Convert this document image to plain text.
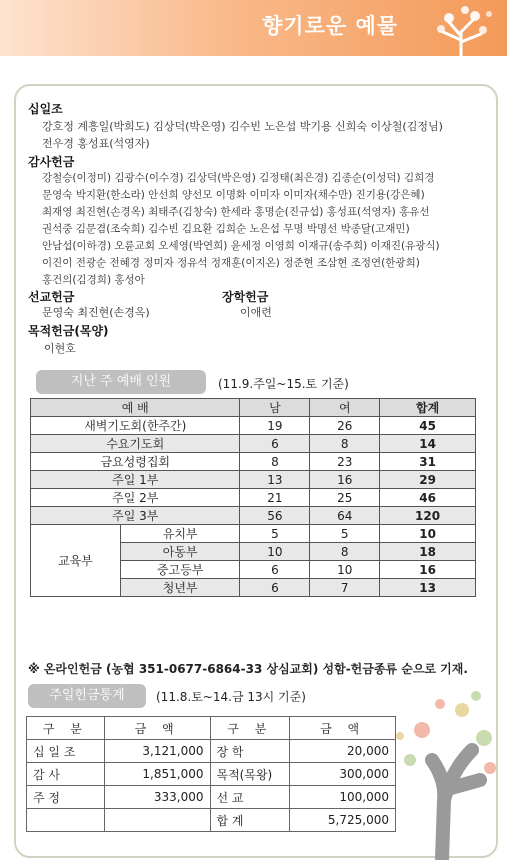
향기로운 예물
십일조
강호정 계흥일(박희도) 김상덕(박은영) 김수빈 노은섭 박기용 신희숙 이상철(김정님)
전우경 홍성표(석영자)
감사헌금
강철승(이정미) 김광수(이수경) 김상덕(박은영) 김정태(최은경) 김종순(이성덕) 김희경
문영숙 박지환(한소라) 안선희 양선모 이명화 이미자 이미자(채수만) 진기용(강은혜)
최재영 최진현(손경옥) 최태주(김창숙) 한세라 홍명순(진규섭) 홍성표(석영자) 홍유선
권석중 김문겸(조숙희) 김수빈 김요환 김희순 노은섭 무명 박명선 박종달(고재민)
안남섭(이하경) 오륜교회 오세영(박연희) 윤세정 이영희 이재규(송주희) 이재진(유광식)
이진이 전광순 전혜경 정미자 정유석 정재훈(이지온) 정준현 조삼현 조정연(한광희)
홍건의(김경희) 홍성아
선교헌금
문영숙 최진현(손경옥)
장학헌금
이애련
목적헌금(목양)
이현호
지난 주 예배 인원	(11.9.주일~15.토 기준)
예 배		남	여	합계
새벽기도회(한주간)		19	26	45
수요기도회		6	8	14
금요성령집회		8	23	31
주일 1부		13	16	29
주일 2부		21	25	46
주일 3부		56	64	120
교육부	유치부	5	5	10
	아동부	10	8	18
	중고등부	6	10	16
	청년부	6	7	13
※ 온라인헌금 (농협 351-0677-6864-33 상심교회) 성함-헌금종류 순으로 기재.
주일헌금통계	(11.8.토~14.금 13시 기준)
구 분	금 액	구 분	금 액
십 일 조	3,121,000	장 학	20,000
감 사	1,851,000	목적(목왕)	300,000
주 정	333,000	선 교	100,000
		합 계	5,725,000
